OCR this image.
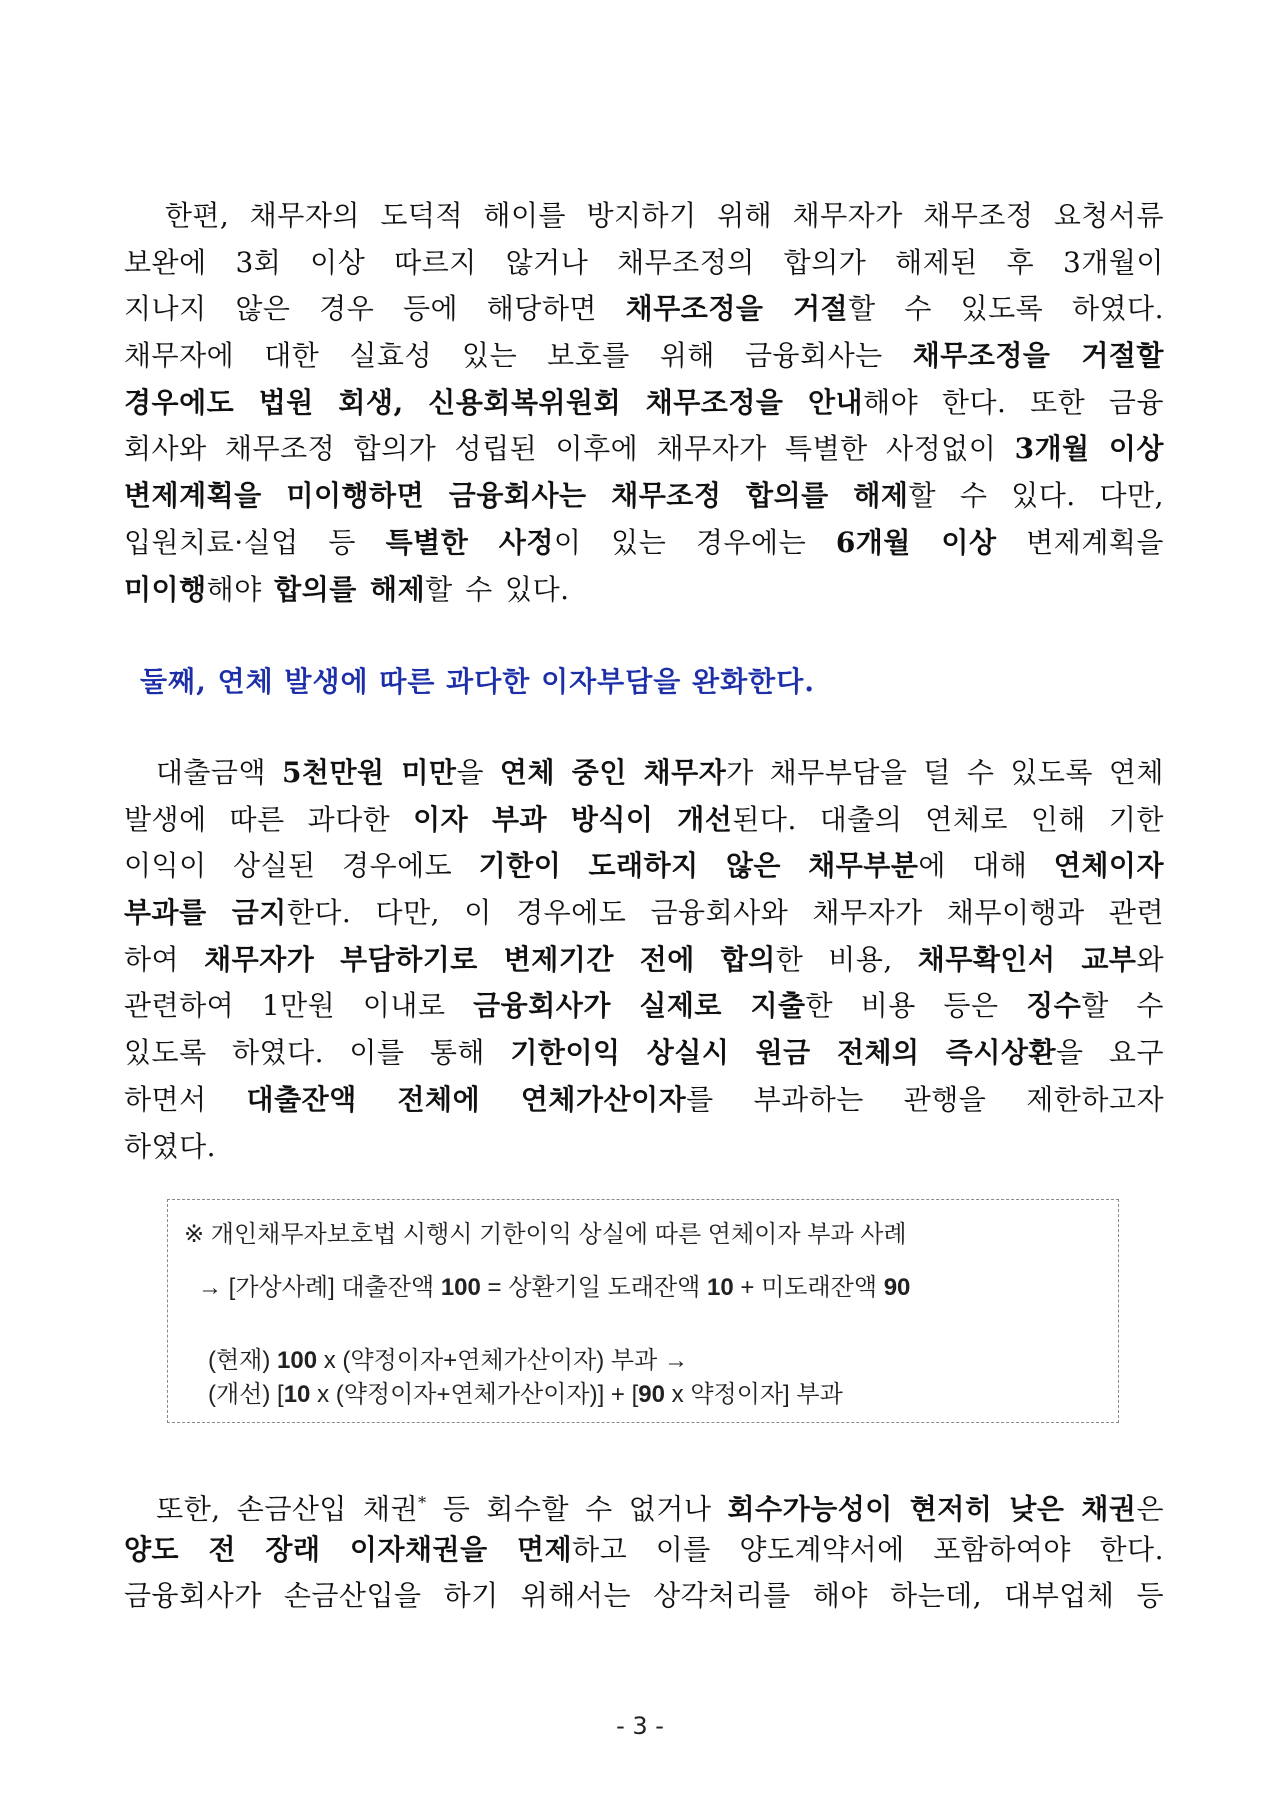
한편, 채무자의 도덕적 해이를 방지하기 위해 채무자가 채무조정 요청서류
보완에 3회 이상 따르지 않거나 채무조정의 합의가 해제된 후 3개월이
지나지 않은 경우 등에 해당하면 채무조정을 거절할 수 있도록 하였다.
채무자에 대한 실효성 있는 보호를 위해 금융회사는 채무조정을 거절할
경우에도 법원 회생, 신용회복위원회 채무조정을 안내해야 한다. 또한 금융
회사와 채무조정 합의가 성립된 이후에 채무자가 특별한 사정없이 3개월 이상
변제계획을 미이행하면 금융회사는 채무조정 합의를 해제할 수 있다. 다만,
입원치료·실업 등 특별한 사정이 있는 경우에는 6개월 이상 변제계획을
미이행해야 합의를 해제할 수 있다.
둘째, 연체 발생에 따른 과다한 이자부담을 완화한다.
대출금액 5천만원 미만을 연체 중인 채무자가 채무부담을 덜 수 있도록 연체
발생에 따른 과다한 이자 부과 방식이 개선된다. 대출의 연체로 인해 기한
이익이 상실된 경우에도 기한이 도래하지 않은 채무부분에 대해 연체이자
부과를 금지한다. 다만, 이 경우에도 금융회사와 채무자가 채무이행과 관련
하여 채무자가 부담하기로 변제기간 전에 합의한 비용, 채무확인서 교부와
관련하여 1만원 이내로 금융회사가 실제로 지출한 비용 등은 징수할 수
있도록 하였다. 이를 통해 기한이익 상실시 원금 전체의 즉시상환을 요구
하면서 대출잔액 전체에 연체가산이자를 부과하는 관행을 제한하고자
하였다.
※ 개인채무자보호법 시행시 기한이익 상실에 따른 연체이자 부과 사례
→ [가상사례] 대출잔액 100 = 상환기일 도래잔액 10 + 미도래잔액 90
(현재) 100 x (약정이자+연체가산이자) 부과 →
(개선) [10 x (약정이자+연체가산이자)] + [90 x 약정이자] 부과
또한, 손금산입 채권* 등 회수할 수 없거나 회수가능성이 현저히 낮은 채권은
양도 전 장래 이자채권을 면제하고 이를 양도계약서에 포함하여야 한다.
금융회사가 손금산입을 하기 위해서는 상각처리를 해야 하는데, 대부업체 등
- 3 -
